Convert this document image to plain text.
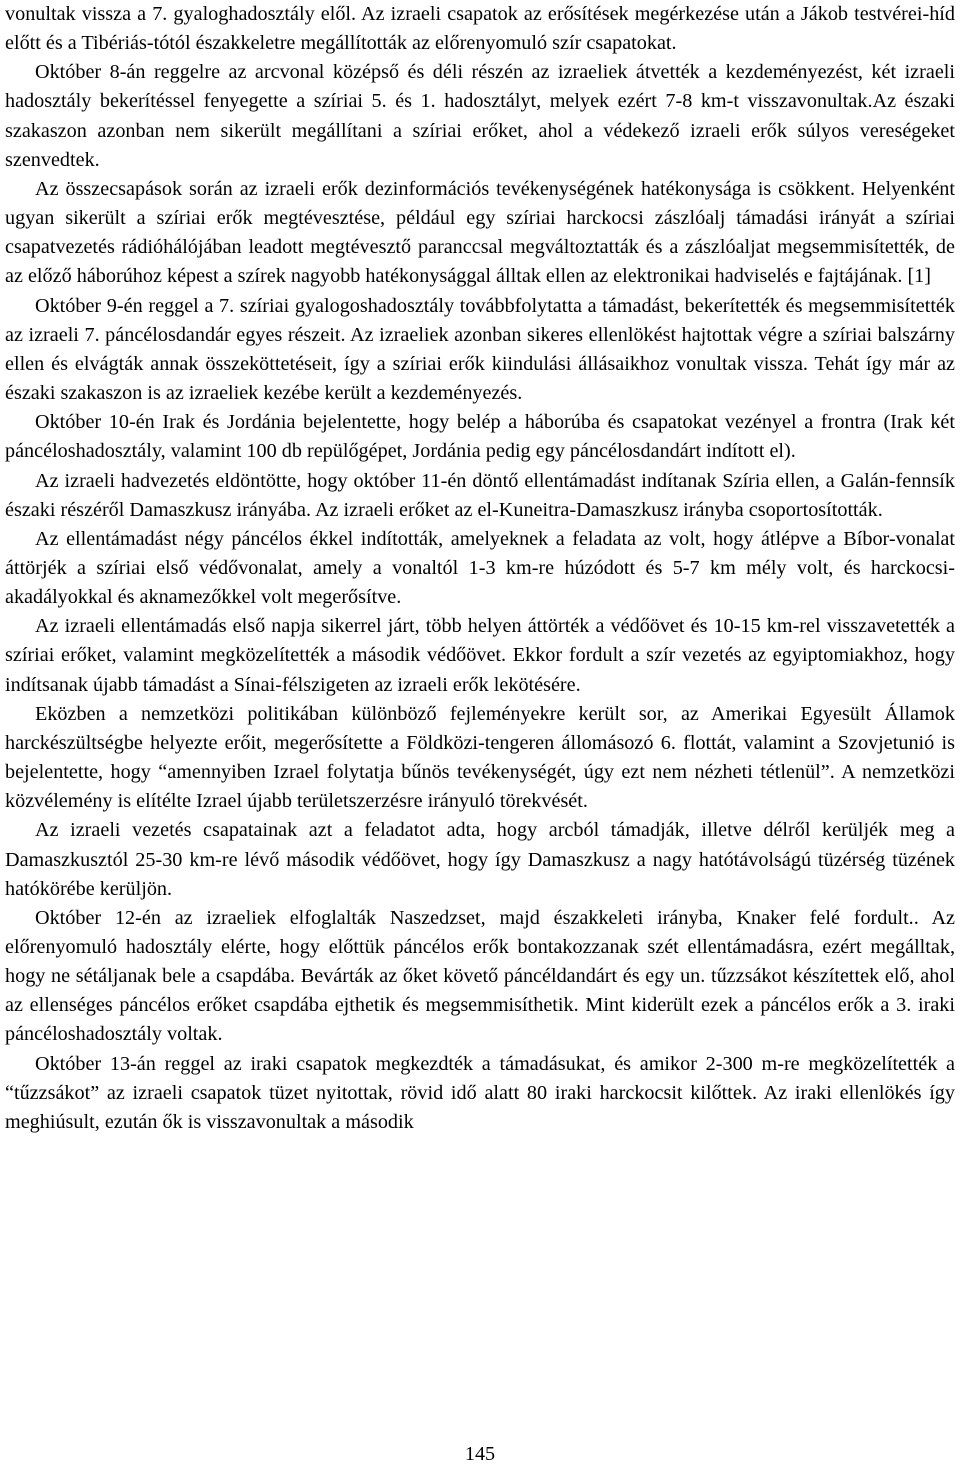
vonultak vissza a 7. gyaloghadosztály elől. Az izraeli csapatok az erősítések megérkezése után a Jákob testvérei-híd előtt és a Tibériás-tótól északkeletre megállították az előrenyomuló szír csapatokat.

Október 8-án reggelre az arcvonal középső és déli részén az izraeliek átvették a kezdeményezést, két izraeli hadosztály bekerítéssel fenyegette a szíriai 5. és 1. hadosztályt, melyek ezért 7-8 km-t visszavonultak.Az északi szakaszon azonban nem sikerült megállítani a szíriai erőket, ahol a védekező izraeli erők súlyos vereségeket szenvedtek.

Az összecsapások során az izraeli erők dezinformációs tevékenységének hatékonysága is csökkent. Helyenként ugyan sikerült a szíriai erők megtévesztése, például egy szíriai harckocsi zászlóalj támadási irányát a szíriai csapatvezetés rádióhálójában leadott megtévesztő paranccsal megváltoztatták és a zászlóaljat megsemmisítették, de az előző háborúhoz képest a szírek nagyobb hatékonysággal álltak ellen az elektronikai hadviselés e fajtájának. [1]

Október 9-én reggel a 7. szíriai gyalogoshadosztály továbbfolytatta a támadást, bekerítették és megsemmisítették az izraeli 7. páncélosdandár egyes részeit. Az izraeliek azonban sikeres ellenlökést hajtottak végre a szíriai balszárny ellen és elvágták annak összeköttetéseit, így a szíriai erők kiindulási állásaikhoz vonultak vissza. Tehát így már az északi szakaszon is az izraeliek kezébe került a kezdeményezés.

Október 10-én Irak és Jordánia bejelentette, hogy belép a háborúba és csapatokat vezényel a frontra (Irak két páncéloshadosztály, valamint 100 db repülőgépet, Jordánia pedig egy páncélosdandárt indított el).

Az izraeli hadvezetés eldöntötte, hogy október 11-én döntő ellentámadást indítanak Szíria ellen, a Galán-fennsík északi részéről Damaszkusz irányába. Az izraeli erőket az el-Kuneitra-Damaszkusz irányba csoportosították.

Az ellentámadást négy páncélos ékkel indították, amelyeknek a feladata az volt, hogy átlépve a Bíbor-vonalat áttörjék a szíriai első védővonalat, amely a vonaltól 1-3 km-re húzódott és 5-7 km mély volt, és harckocsi-akadályokkal és aknamezőkkel volt megerősítve.

Az izraeli ellentámadás első napja sikerrel járt, több helyen áttörték a védőövet és 10-15 km-rel visszavetették a szíriai erőket, valamint megközelítették a második védőövet. Ekkor fordult a szír vezetés az egyiptomiakhoz, hogy indítsanak újabb támadást a Sínai-félszigeten az izraeli erők lekötésére.

Eközben a nemzetközi politikában különböző fejleményekre került sor, az Amerikai Egyesült Államok harckészültségbe helyezte erőit, megerősítette a Földközi-tengeren állomásozó 6. flottát, valamint a Szovjetunió is bejelentette, hogy “amennyiben Izrael folytatja bűnös tevékenységét, úgy ezt nem nézheti tétlenül”. A nemzetközi közvélemény is elítélte Izrael újabb területszerzésre irányuló törekvését.

Az izraeli vezetés csapatainak azt a feladatot adta, hogy arcból támadják, illetve délről kerüljék meg a Damaszkusztól 25-30 km-re lévő második védőövet, hogy így Damaszkusz a nagy hatótávolságú tüzérség tüzének hatókörébe kerüljön.

Október 12-én az izraeliek elfoglalták Naszedzset, majd északkeleti irányba, Knaker felé fordult.. Az előrenyomuló hadosztály elérte, hogy előttük páncélos erők bontakozzanak szét ellentámadásra, ezért megálltak, hogy ne sétáljanak bele a csapdába. Bevárták az őket követő páncéldandárt és egy un. tűzzsákot készítettek elő, ahol az ellenséges páncélos erőket csapdába ejthetik és megsemmisíthetik. Mint kiderült ezek a páncélos erők a 3. iraki páncéloshadosztály voltak.

Október 13-án reggel az iraki csapatok megkezdték a támadásukat, és amikor 2-300 m-re megközelítették a “tűzzsákot” az izraeli csapatok tüzet nyitottak, rövid idő alatt 80 iraki harckocsit kilőttek. Az iraki ellenlökés így meghiúsult, ezután ők is visszavonultak a második

145
